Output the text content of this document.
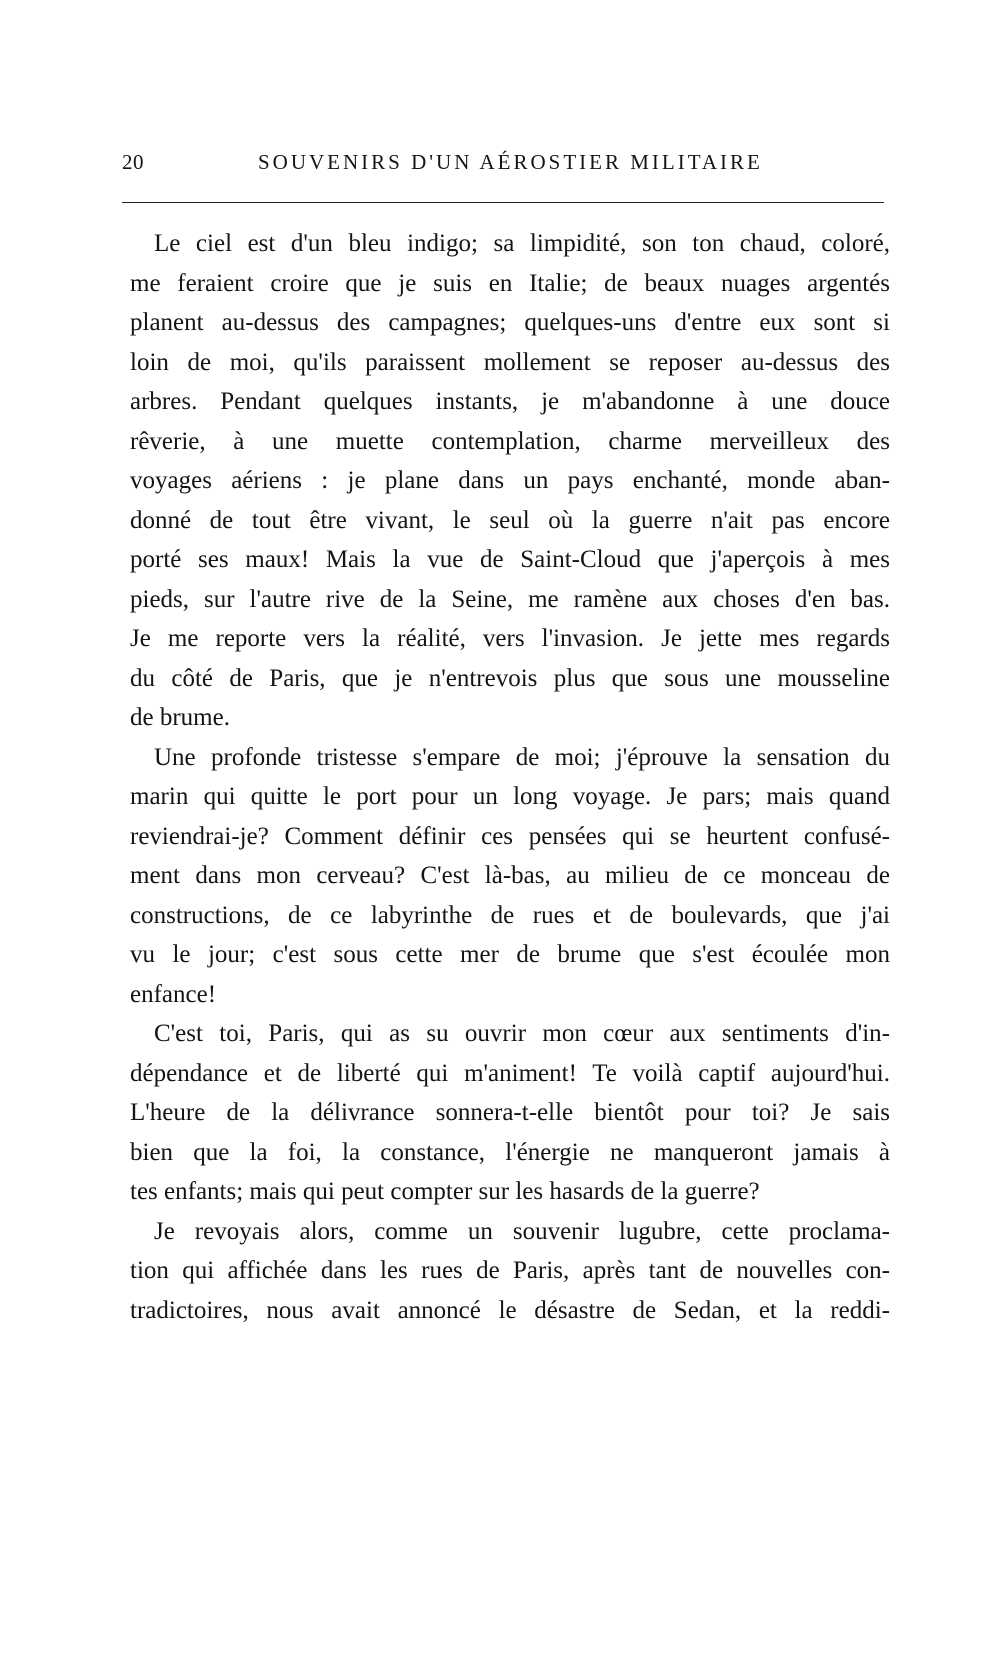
20	SOUVENIRS D'UN AÉROSTIER MILITAIRE
Le ciel est d'un bleu indigo; sa limpidité, son ton chaud, coloré,
me feraient croire que je suis en Italie; de beaux nuages argentés
planent au-dessus des campagnes; quelques-uns d'entre eux sont si
loin de moi, qu'ils paraissent mollement se reposer au-dessus des
arbres. Pendant quelques instants, je m'abandonne à une douce
rêverie, à une muette contemplation, charme merveilleux des
voyages aériens : je plane dans un pays enchanté, monde aban-
donné de tout être vivant, le seul où la guerre n'ait pas encore
porté ses maux! Mais la vue de Saint-Cloud que j'aperçois à mes
pieds, sur l'autre rive de la Seine, me ramène aux choses d'en bas.
Je me reporte vers la réalité, vers l'invasion. Je jette mes regards
du côté de Paris, que je n'entrevois plus que sous une mousseline
de brume.
Une profonde tristesse s'empare de moi; j'éprouve la sensation du
marin qui quitte le port pour un long voyage. Je pars; mais quand
reviendrai-je? Comment définir ces pensées qui se heurtent confusé-
ment dans mon cerveau? C'est là-bas, au milieu de ce monceau de
constructions, de ce labyrinthe de rues et de boulevards, que j'ai
vu le jour; c'est sous cette mer de brume que s'est écoulée mon
enfance!
C'est toi, Paris, qui as su ouvrir mon cœur aux sentiments d'in-
dépendance et de liberté qui m'animent! Te voilà captif aujourd'hui.
L'heure de la délivrance sonnera-t-elle bientôt pour toi? Je sais
bien que la foi, la constance, l'énergie ne manqueront jamais à
tes enfants; mais qui peut compter sur les hasards de la guerre?
Je revoyais alors, comme un souvenir lugubre, cette proclama-
tion qui affichée dans les rues de Paris, après tant de nouvelles con-
tradictoires, nous avait annoncé le désastre de Sedan, et la reddi-
